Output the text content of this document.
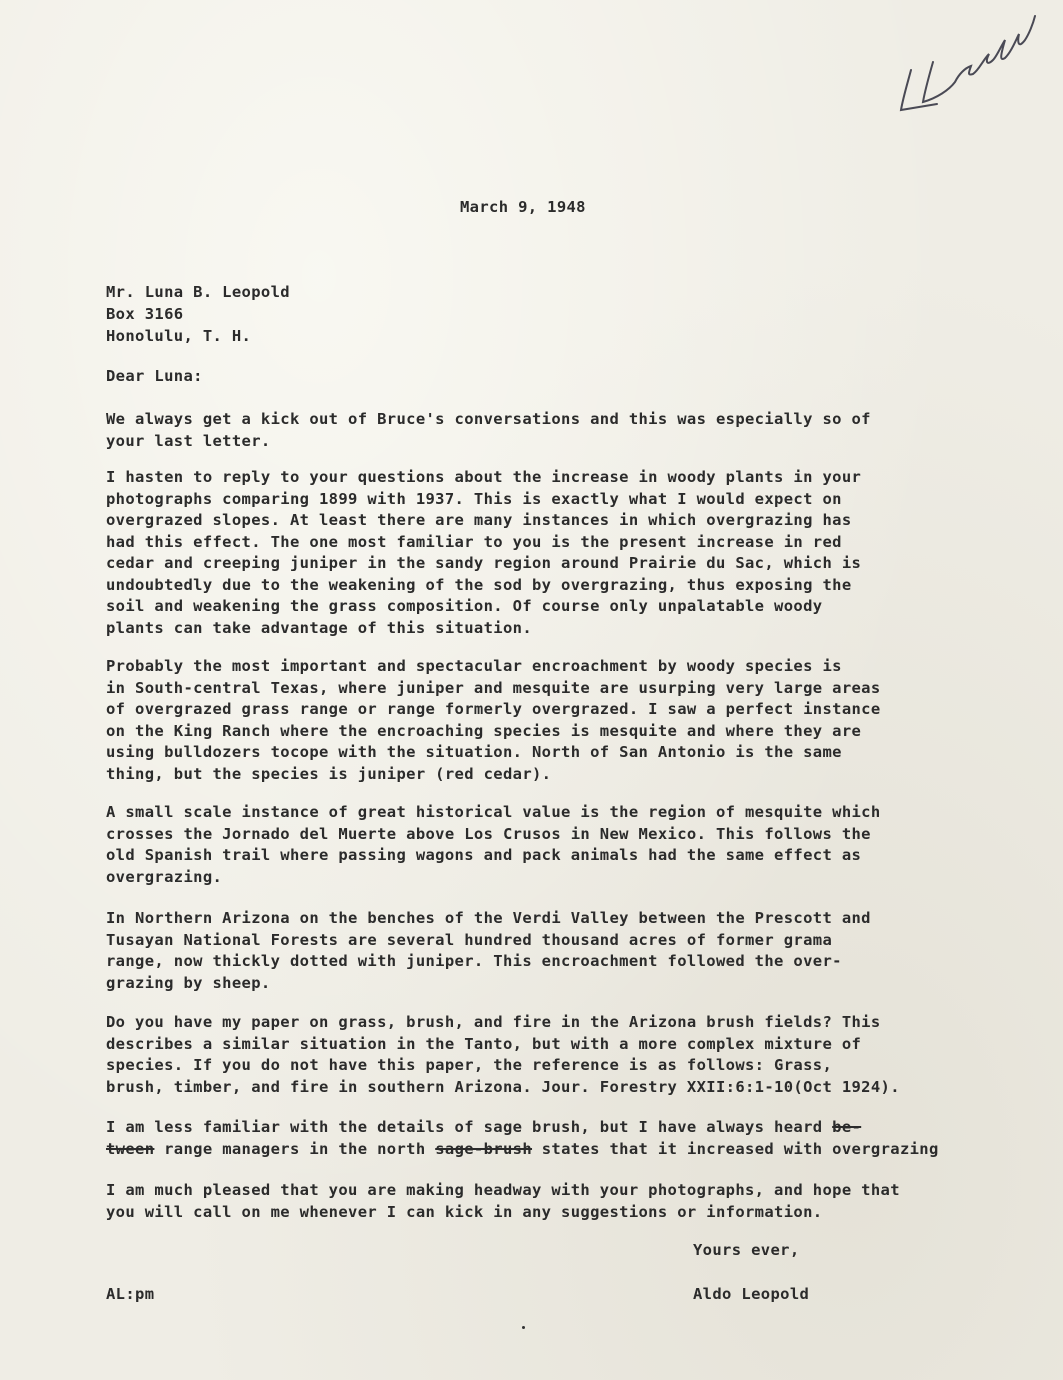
March 9, 1948
Mr. Luna B. Leopold
Box 3166
Honolulu, T. H.
Dear Luna:
We always get a kick out of Bruce's conversations and this was especially so of
your last letter.
I hasten to reply to your questions about the increase in woody plants in your
photographs comparing 1899 with 1937. This is exactly what I would expect on
overgrazed slopes. At least there are many instances in which overgrazing has
had this effect. The one most familiar to you is the present increase in red
cedar and creeping juniper in the sandy region around Prairie du Sac, which is
undoubtedly due to the weakening of the sod by overgrazing, thus exposing the
soil and weakening the grass composition. Of course only unpalatable woody
plants can take advantage of this situation.
Probably the most important and spectacular encroachment by woody species is
in South-central Texas, where juniper and mesquite are usurping very large areas
of overgrazed grass range or range formerly overgrazed. I saw a perfect instance
on the King Ranch where the encroaching species is mesquite and where they are
using bulldozers tocope with the situation. North of San Antonio is the same
thing, but the species is juniper (red cedar).
A small scale instance of great historical value is the region of mesquite which
crosses the Jornado del Muerte above Los Crusos in New Mexico. This follows the
old Spanish trail where passing wagons and pack animals had the same effect as
overgrazing.
In Northern Arizona on the benches of the Verdi Valley between the Prescott and
Tusayan National Forests are several hundred thousand acres of former grama
range, now thickly dotted with juniper. This encroachment followed the over-
grazing by sheep.
Do you have my paper on grass, brush, and fire in the Arizona brush fields? This
describes a similar situation in the Tanto, but with a more complex mixture of
species. If you do not have this paper, the reference is as follows: Grass,
brush, timber, and fire in southern Arizona. Jour. Forestry XXII:6:1-10(Oct 1924).
I am less familiar with the details of sage brush, but I have always heard be-
tween range managers in the north sage-brush states that it increased with overgrazing
I am much pleased that you are making headway with your photographs, and hope that
you will call on me whenever I can kick in any suggestions or information.
Yours ever,
Aldo Leopold
AL:pm
